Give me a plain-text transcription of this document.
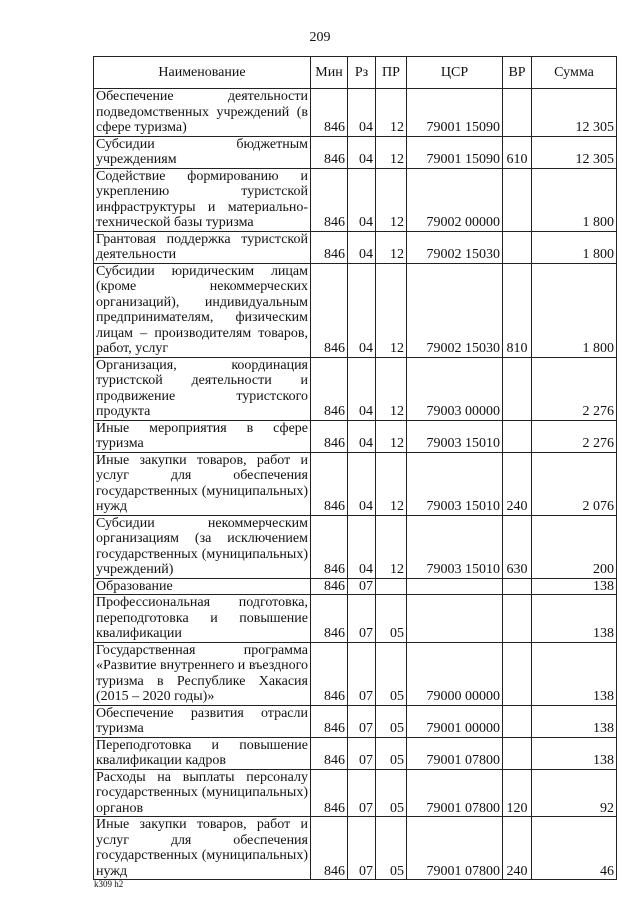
209
Наименование	Мин	Рз	ПР	ЦСР	ВР	Сумма
Обеспечение деятельности подведомственных учреждений (в сфере туризма)	846	04	12	79001 15090		12 305
Субсидии бюджетным учреждениям	846	04	12	79001 15090	610	12 305
Содействие формированию и укреплению туристской инфраструктуры и материально-технической базы туризма	846	04	12	79002 00000		1 800
Грантовая поддержка туристской деятельности	846	04	12	79002 15030		1 800
Субсидии юридическим лицам (кроме некоммерческих организаций), индивидуальным предпринимателям, физическим лицам – производителям товаров, работ, услуг	846	04	12	79002 15030	810	1 800
Организация, координация туристской деятельности и продвижение туристского продукта	846	04	12	79003 00000		2 276
Иные мероприятия в сфере туризма	846	04	12	79003 15010		2 276
Иные закупки товаров, работ и услуг для обеспечения государственных (муниципальных) нужд	846	04	12	79003 15010	240	2 076
Субсидии некоммерческим организациям (за исключением государственных (муниципальных) учреждений)	846	04	12	79003 15010	630	200
Образование	846	07				138
Профессиональная подготовка, переподготовка и повышение квалификации	846	07	05			138
Государственная программа «Развитие внутреннего и въездного туризма в Республике Хакасия (2015 – 2020 годы)»	846	07	05	79000 00000		138
Обеспечение развития отрасли туризма	846	07	05	79001 00000		138
Переподготовка и повышение квалификации кадров	846	07	05	79001 07800		138
Расходы на выплаты персоналу государственных (муниципальных) органов	846	07	05	79001 07800	120	92
Иные закупки товаров, работ и услуг для обеспечения государственных (муниципальных) нужд	846	07	05	79001 07800	240	46
k309 h2
